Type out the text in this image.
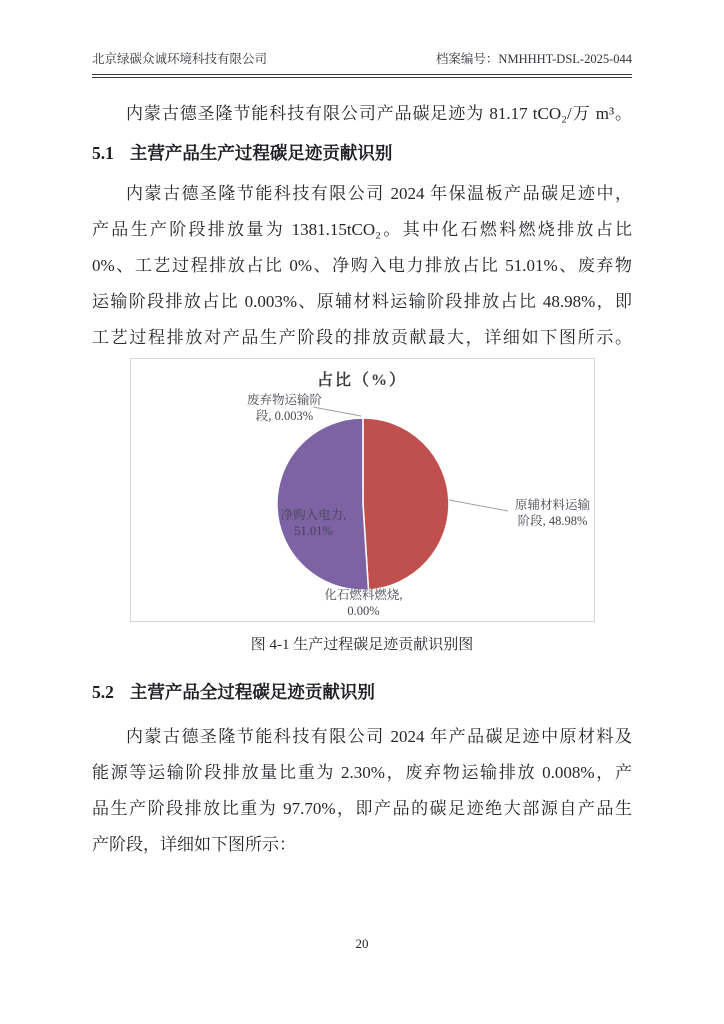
北京绿碳众诚环境科技有限公司	档案编号：NMHHHT-DSL-2025-044
内蒙古德圣隆节能科技有限公司产品碳足迹为 81.17 tCO₂/万 m³。
5.1 主营产品生产过程碳足迹贡献识别
内蒙古德圣隆节能科技有限公司 2024 年保温板产品碳足迹中，
产品生产阶段排放量为 1381.15tCO₂。其中化石燃料燃烧排放占比
0%、工艺过程排放占比 0%、净购入电力排放占比 51.01%、废弃物
运输阶段排放占比 0.003%、原辅材料运输阶段排放占比 48.98%，即
工艺过程排放对产品生产阶段的排放贡献最大，详细如下图所示。
占比（%）
废弃物运输阶段, 0.003%
净购入电力, 51.01%
原辅材料运输阶段, 48.98%
化石燃料燃烧, 0.00%
图 4-1 生产过程碳足迹贡献识别图
5.2 主营产品全过程碳足迹贡献识别
内蒙古德圣隆节能科技有限公司 2024 年产品碳足迹中原材料及
能源等运输阶段排放量比重为 2.30%，废弃物运输排放 0.008%，产
品生产阶段排放比重为 97.70%，即产品的碳足迹绝大部源自产品生
产阶段，详细如下图所示：
20
